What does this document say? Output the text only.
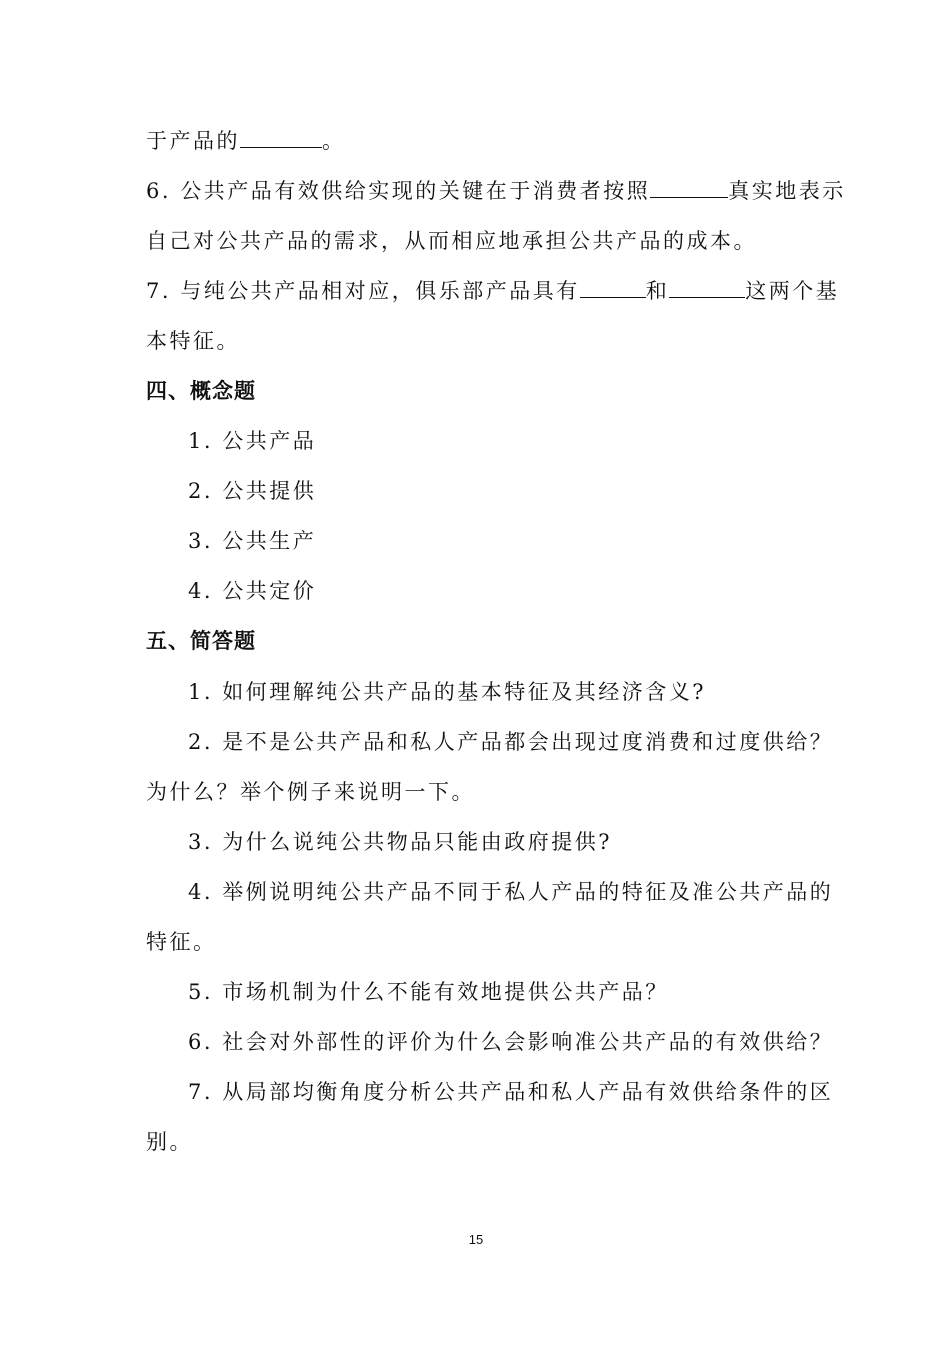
于产品的	。
6. 公共产品有效供给实现的关键在于消费者按照	真实地表示
自己对公共产品的需求，从而相应地承担公共产品的成本。
7. 与纯公共产品相对应，俱乐部产品具有	和	这两个基
本特征。
四、概念题
1. 公共产品
2. 公共提供
3. 公共生产
4. 公共定价
五、简答题
1. 如何理解纯公共产品的基本特征及其经济含义?
2. 是不是公共产品和私人产品都会出现过度消费和过度供给？
为什么？举个例子来说明一下。
3. 为什么说纯公共物品只能由政府提供?
4. 举例说明纯公共产品不同于私人产品的特征及准公共产品的
特征。
5. 市场机制为什么不能有效地提供公共产品？
6. 社会对外部性的评价为什么会影响准公共产品的有效供给？
7. 从局部均衡角度分析公共产品和私人产品有效供给条件的区
别。
15
